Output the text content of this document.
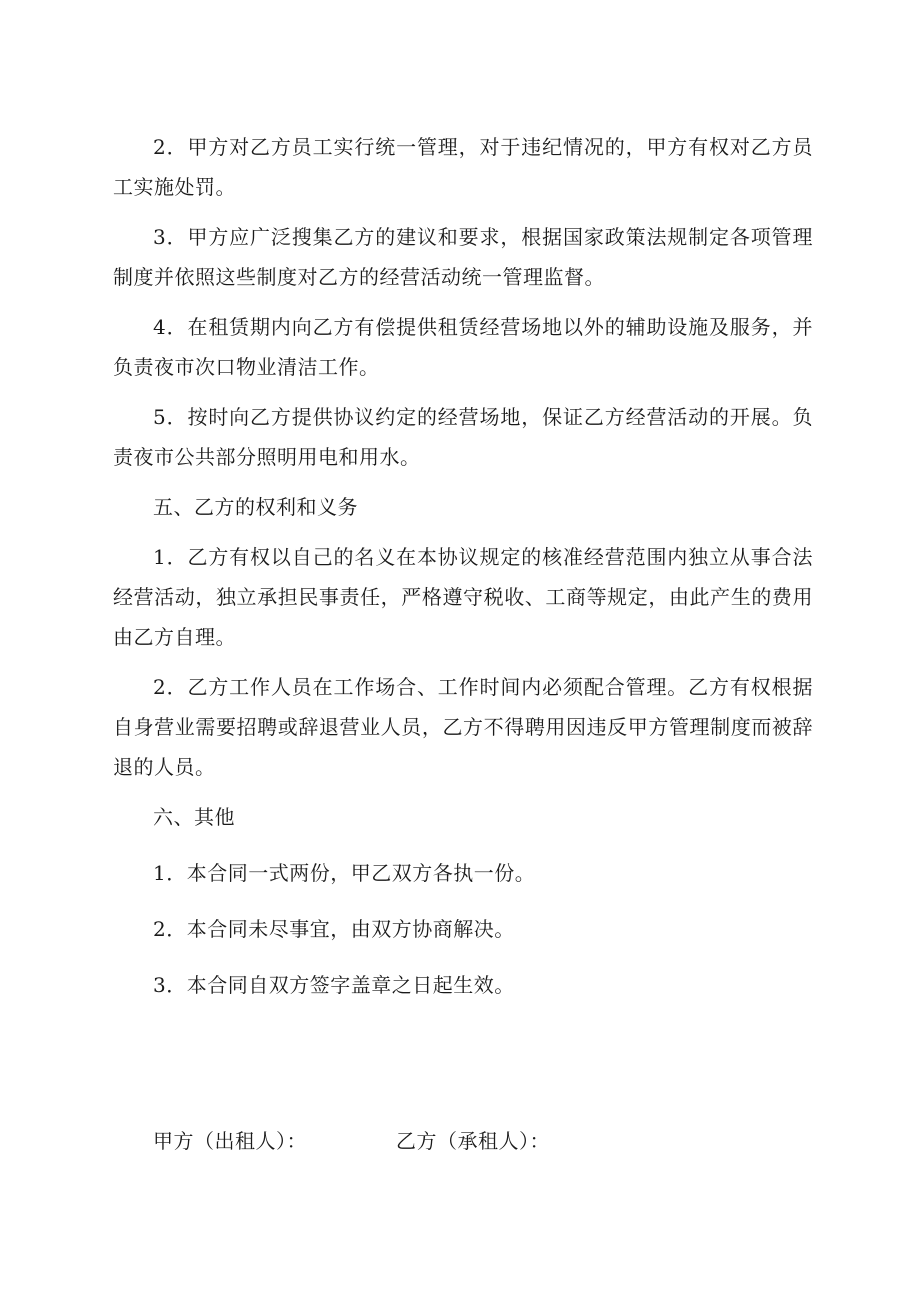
2．甲方对乙方员工实行统一管理，对于违纪情况的，甲方有权对乙方员工实施处罚。

3．甲方应广泛搜集乙方的建议和要求，根据国家政策法规制定各项管理制度并依照这些制度对乙方的经营活动统一管理监督。

4．在租赁期内向乙方有偿提供租赁经营场地以外的辅助设施及服务，并负责夜市次口物业清洁工作。

5．按时向乙方提供协议约定的经营场地，保证乙方经营活动的开展。负责夜市公共部分照明用电和用水。

五、乙方的权利和义务

1．乙方有权以自己的名义在本协议规定的核准经营范围内独立从事合法经营活动，独立承担民事责任，严格遵守税收、工商等规定，由此产生的费用由乙方自理。

2．乙方工作人员在工作场合、工作时间内必须配合管理。乙方有权根据自身营业需要招聘或辞退营业人员，乙方不得聘用因违反甲方管理制度而被辞退的人员。

六、其他

1．本合同一式两份，甲乙双方各执一份。

2．本合同未尽事宜，由双方协商解决。

3．本合同自双方签字盖章之日起生效。

甲方（出租人）：	乙方（承租人）：
